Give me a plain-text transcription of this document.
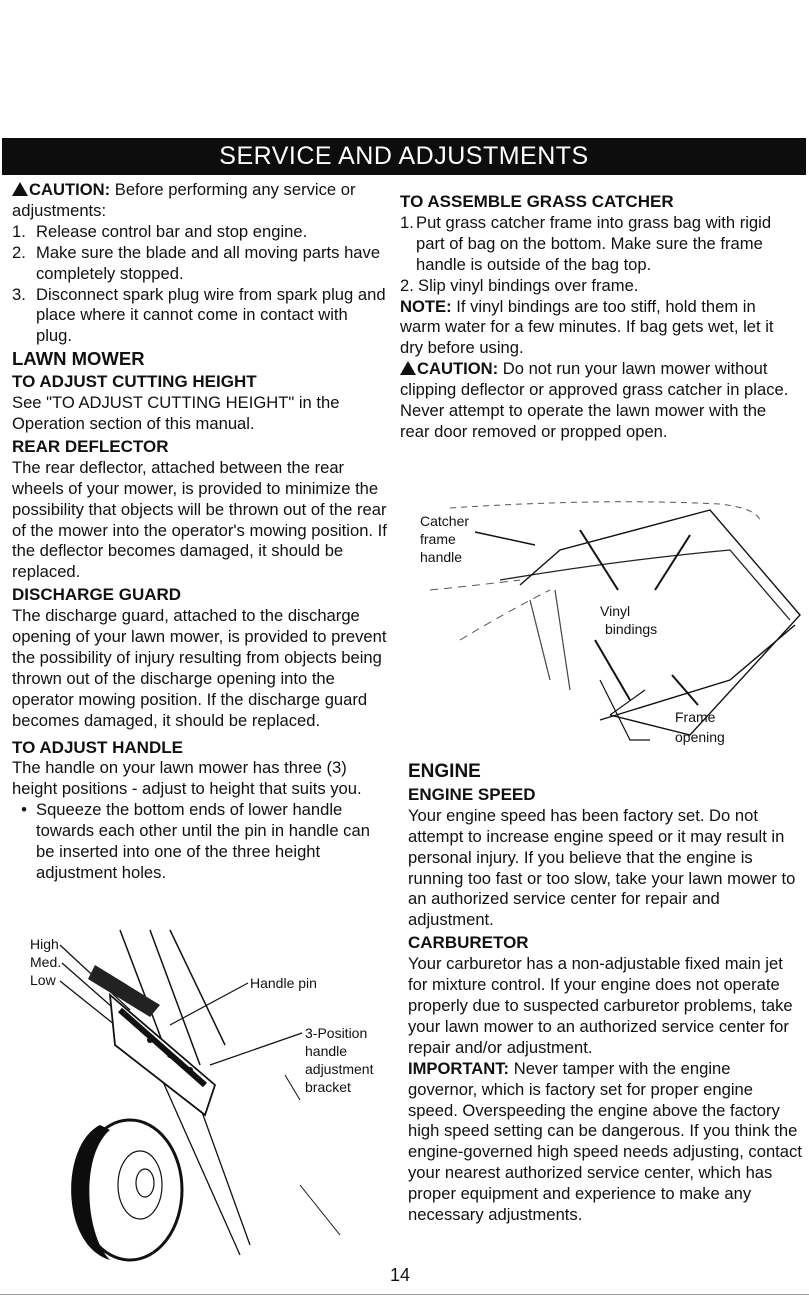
SERVICE AND ADJUSTMENTS

CAUTION: Before performing any service or adjustments:

1. Release control bar and stop engine.
2. Make sure the blade and all moving parts have completely stopped.
3. Disconnect spark plug wire from spark plug and place where it cannot come in contact with plug.

LAWN MOWER

TO ADJUST CUTTING HEIGHT

See "TO ADJUST CUTTING HEIGHT" in the Operation section of this manual.

REAR DEFLECTOR

The rear deflector, attached between the rear wheels of your mower, is provided to minimize the possibility that objects will be thrown out of the rear of the mower into the operator's mowing position. If the deflector becomes damaged, it should be replaced.

DISCHARGE GUARD

The discharge guard, attached to the discharge opening of your lawn mower, is provided to prevent the possibility of injury resulting from objects being thrown out of the discharge opening into the operator mowing position. If the discharge guard becomes damaged, it should be replaced.

TO ADJUST HANDLE

The handle on your lawn mower has three (3) height positions - adjust to height that suits you.

• Squeeze the bottom ends of lower handle towards each other until the pin in handle can be inserted into one of the three height adjustment holes.
High
Med.
Low	Handle pin
3-Position
handle
adjustment
bracket

TO ASSEMBLE GRASS CATCHER

1. Put grass catcher frame into grass bag with rigid part of bag on the bottom. Make sure the frame handle is outside of the bag top.
2. Slip vinyl bindings over frame.

NOTE: If vinyl bindings are too stiff, hold them in warm water for a few minutes. If bag gets wet, let it dry before using.

CAUTION: Do not run your lawn mower without clipping deflector or approved grass catcher in place. Never attempt to operate the lawn mower with the rear door removed or propped open.

Catcher
frame
handle
Vinyl
bindings
Frame
opening

ENGINE

ENGINE SPEED

Your engine speed has been factory set. Do not attempt to increase engine speed or it may result in personal injury. If you believe that the engine is running too fast or too slow, take your lawn mower to an authorized service center for repair and adjustment.

CARBURETOR

Your carburetor has a non-adjustable fixed main jet for mixture control. If your engine does not operate properly due to suspected carburetor problems, take your lawn mower to an authorized service center for repair and/or adjustment.

IMPORTANT: Never tamper with the engine governor, which is factory set for proper engine speed. Overspeeding the engine above the factory high speed setting can be dangerous. If you think the engine-governed high speed needs adjusting, contact your nearest authorized service center, which has proper equipment and experience to make any necessary adjustments.

14
